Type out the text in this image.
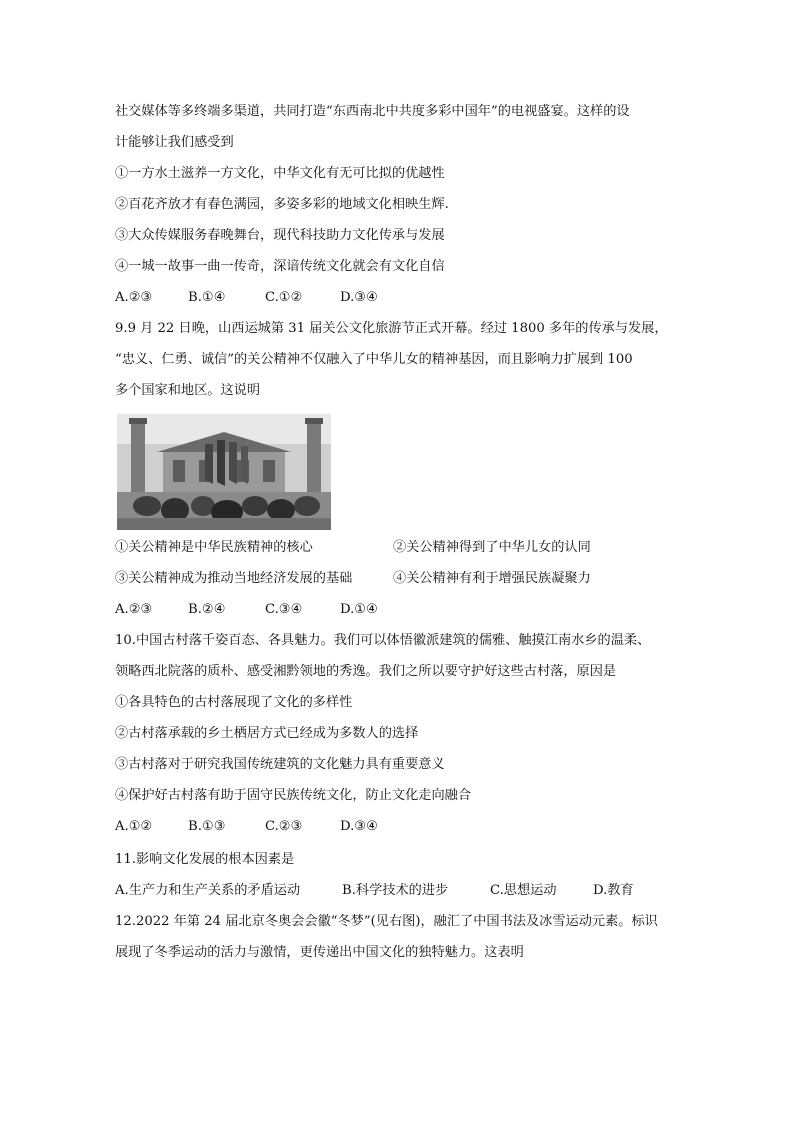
社交媒体等多终端多渠道，共同打造“东西南北中共度多彩中国年”的电视盛宴。这样的设
计能够让我们感受到
①一方水土滋养一方文化，中华文化有无可比拟的优越性
②百花齐放才有春色满园，多姿多彩的地域文化相映生辉.
③大众传媒服务春晚舞台，现代科技助力文化传承与发展
④一城一故事一曲一传奇，深谙传统文化就会有文化自信
A.②③	B.①④	C.①②	D.③④
9.9 月 22 日晚，山西运城第 31 届关公文化旅游节正式开幕。经过 1800 多年的传承与发展，
“忠义、仁勇、诚信”的关公精神不仅融入了中华儿女的精神基因，而且影响力扩展到 100
多个国家和地区。这说明
①关公精神是中华民族精神的核心	②关公精神得到了中华儿女的认同
③关公精神成为推动当地经济发展的基础	④关公精神有利于增强民族凝聚力
A.②③	B.②④	C.③④	D.①④
10.中国古村落千姿百态、各具魅力。我们可以体悟徽派建筑的儒雅、触摸江南水乡的温柔、
领略西北院落的质朴、感受湘黔领地的秀逸。我们之所以要守护好这些古村落，原因是
①各具特色的古村落展现了文化的多样性
②古村落承载的乡土栖居方式已经成为多数人的选择
③古村落对于研究我国传统建筑的文化魅力具有重要意义
④保护好古村落有助于固守民族传统文化，防止文化走向融合
A.①②	B.①③	C.②③	D.③④
11.影响文化发展的根本因素是
A.生产力和生产关系的矛盾运动	B.科学技术的进步	C.思想运动	D.教育
12.2022 年第 24 届北京冬奥会会徽“冬梦”(见右图)，融汇了中国书法及冰雪运动元素。标识
展现了冬季运动的活力与激情，更传递出中国文化的独特魅力。这表明
